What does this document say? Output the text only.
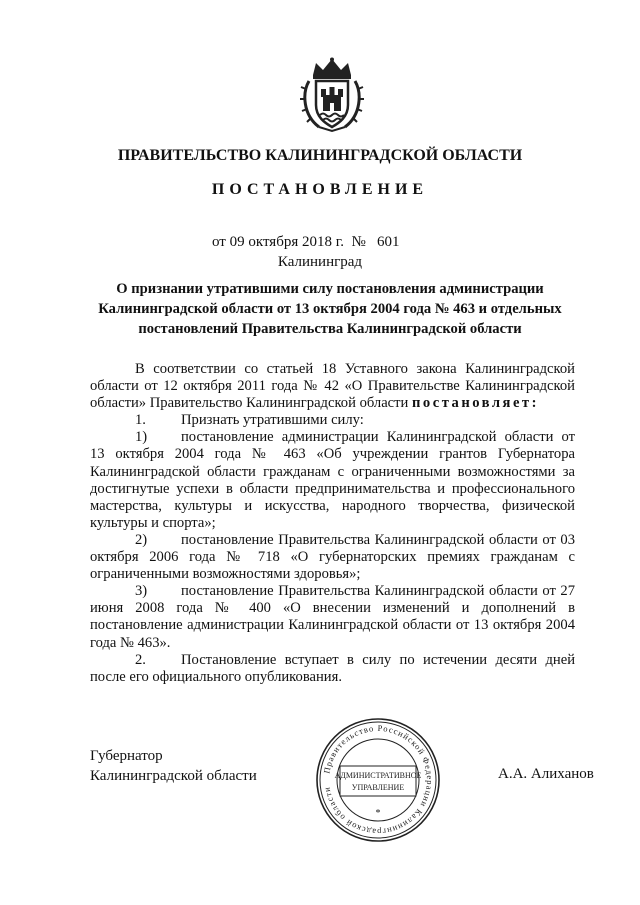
ПРАВИТЕЛЬСТВО КАЛИНИНГРАДСКОЙ ОБЛАСТИ
ПОСТАНОВЛЕНИЕ
от 09 октября 2018 г.  №   601
Калининград
О признании утратившими силу постановления администрации Калининградской области от 13 октября 2004 года № 463 и отдельных постановлений Правительства Калининградской области

В соответствии со статьей 18 Уставного закона Калининградской области от 12 октября 2011 года № 42 «О Правительстве Калининградской области» Правительство Калининградской области постановляет:

1. Признать утратившими силу:

1) постановление администрации Калининградской области от 13 октября 2004 года № 463 «Об учреждении грантов Губернатора Калининградской области гражданам с ограниченными возможностями за достигнутые успехи в области предпринимательства и профессионального мастерства, культуры и искусства, народного творчества, физической культуры и спорта»;

2) постановление Правительства Калининградской области от 03 октября 2006 года № 718 «О губернаторских премиях гражданам с ограниченными возможностями здоровья»;

3) постановление Правительства Калининградской области от 27 июня 2008 года № 400 «О внесении изменений и дополнений в постановление администрации Калининградской области от 13 октября 2004 года № 463».

2. Постановление вступает в силу по истечении десяти дней после его официального опубликования.

Губернатор
Калининградской области	А.А. Алиханов
Правительство Российской Федерации Калининградской области
АДМИНИСТРАТИВНОЕ
УПРАВЛЕНИЕ
*
